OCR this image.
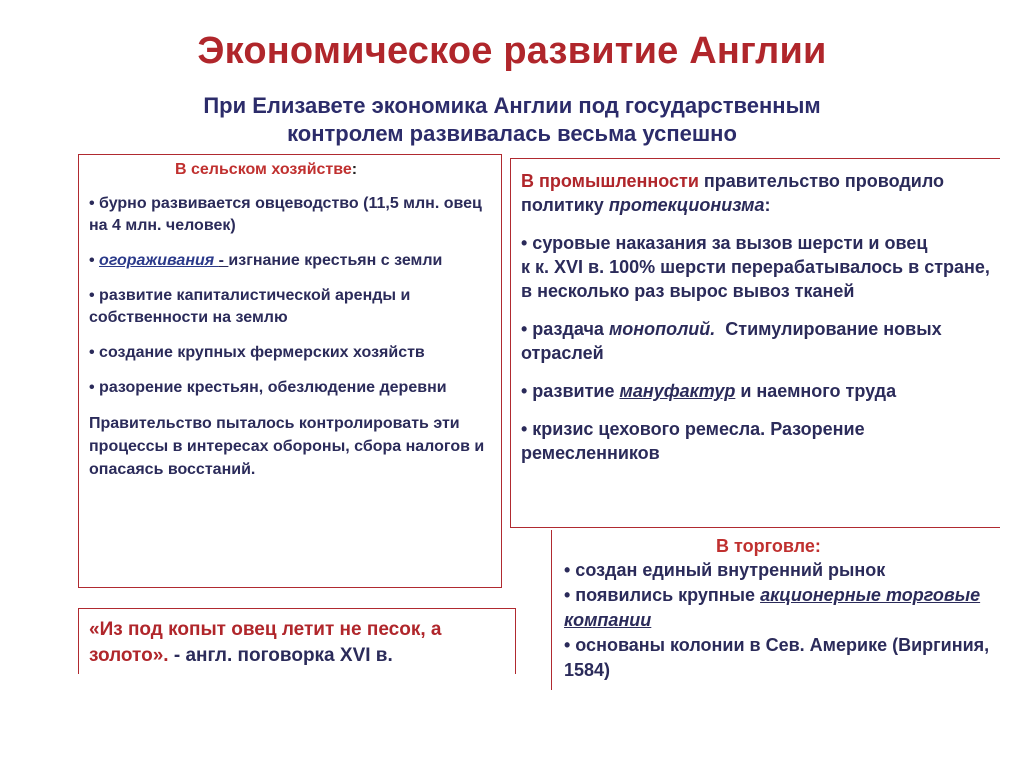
Экономическое развитие Англии
При Елизавете экономика Англии под государственным
контролем развивалась весьма успешно
В сельском хозяйстве:

• бурно развивается овцеводство (11,5 млн. овец на 4 млн. человек)

• огораживания - изгнание крестьян с земли

• развитие капиталистической аренды и собственности на землю

• создание крупных фермерских хозяйств

• разорение крестьян, обезлюдение деревни

Правительство пыталось контролировать эти процессы в интересах обороны, сбора налогов и опасаясь восстаний.

В промышленности правительство проводило политику протекционизма:

• суровые наказания за вызов шерсти и овец            к к. XVI в. 100% шерсти перерабатывалось в стране, в несколько раз вырос вывоз тканей

• раздача монополий.  Стимулирование новых отраслей

• развитие мануфактур и наемного труда

• кризис цехового ремесла. Разорение ремесленников

В торговле:

• создан единый внутренний рынок

• появились крупные акционерные торговые компании

• основаны колонии в Сев. Америке (Виргиния, 1584)

«Из под копыт овец летит не песок, а золото». - англ. поговорка XVI в.
